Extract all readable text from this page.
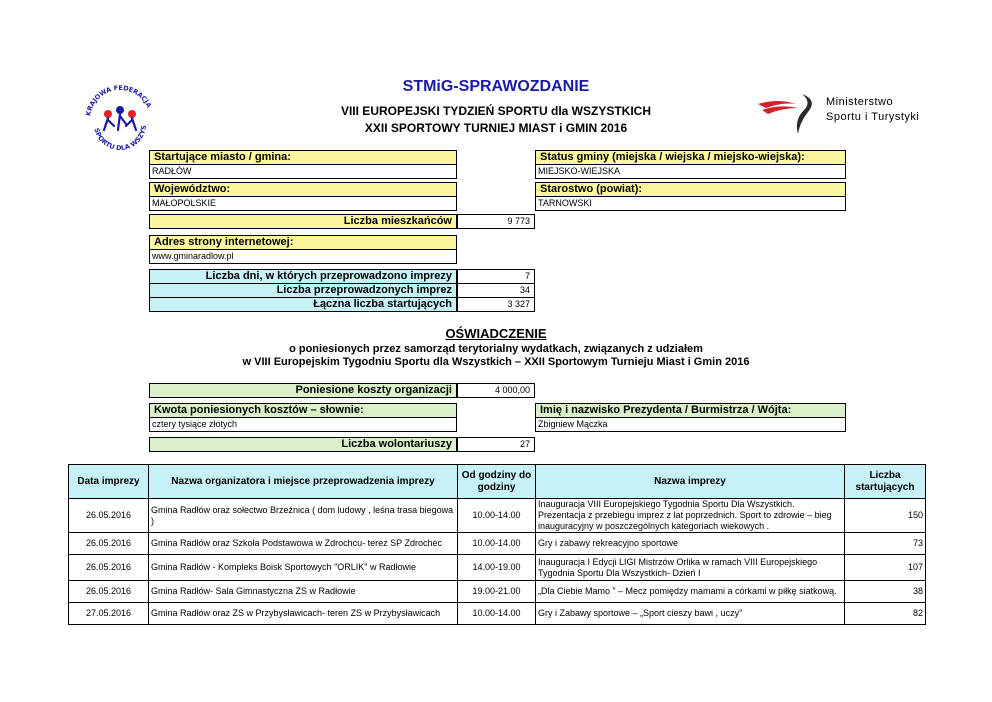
KRAJOWA FEDERACJA
SPORTU DLA WSZYS
Ministerstwo
Sportu i Turystyki
STMiG-SPRAWOZDANIE
VIII EUROPEJSKI TYDZIEŃ SPORTU dla WSZYSTKICH
XXII SPORTOWY TURNIEJ MIAST i GMIN 2016
Startujące miasto / gmina:
RADŁÓW
Status gminy (miejska / wiejska / miejsko-wiejska):
MIEJSKO-WIEJSKA
Województwo:
MAŁOPOLSKIE
Starostwo (powiat):
TARNOWSKI
Liczba mieszkańców	9 773
Adres strony internetowej:
www.gminaradlow.pl
Liczba dni, w których przeprowadzono imprezy	7
Liczba przeprowadzonych imprez	34
Łączna liczba startujących	3 327
OŚWIADCZENIE
o poniesionych przez samorząd terytorialny wydatkach, związanych z udziałem
w VIII Europejskim Tygodniu Sportu dla Wszystkich – XXII Sportowym Turnieju Miast i Gmin 2016
Poniesione koszty organizacji	4 000,00
Kwota poniesionych kosztów – słownie:
cztery tysiące złotych
Imię i nazwisko Prezydenta / Burmistrza / Wójta:
Zbigniew Mączka
Liczba wolontariuszy	27
Data imprezy	Nazwa organizatora i miejsce przeprowadzenia imprezy	Od godziny do godziny	Nazwa imprezy	Liczba startujących
26.05.2016	Gmina Radłów oraz sołectwo Brzeźnica ( dom ludowy , leśna trasa biegowa )	10.00-14.00	Inauguracja VIII Europejskiego Tygodnia Sportu Dla Wszystkich. Prezentacja z przebiegu imprez z lat poprzednich. Sport to zdrowie – bieg inauguracyjny w poszczególnych kategoriach wiekowych .	150
26.05.2016	Gmina Radłów oraz Szkoła Podstawowa w Zdrochcu- terez SP Zdrochec	10.00-14.00	Gry i zabawy rekreacyjno sportowe	73
26.05.2016	Gmina Radłów - Kompleks Boisk Sportowych "ORLIK" w Radłowie	14.00-19.00	Inauguracja I Edycji LIGI Mistrzów Orlika w ramach VIII Europejskiego Tygodnia Sportu Dla Wszystkich- Dzień I	107
26.05.2016	Gmina Radłów- Sala Gimnastyczna ZS w Radłowie	19.00-21.00	„Dla Ciebie Mamo ” – Mecz pomiędzy mamami a córkami w piłkę siatkową.	38
27.05.2016	Gmina Radłów oraz ZS w Przybysławicach- teren ZS w Przybysławicach	10.00-14.00	Gry i Zabawy sportowe – „Sport cieszy bawi , uczy”	82
